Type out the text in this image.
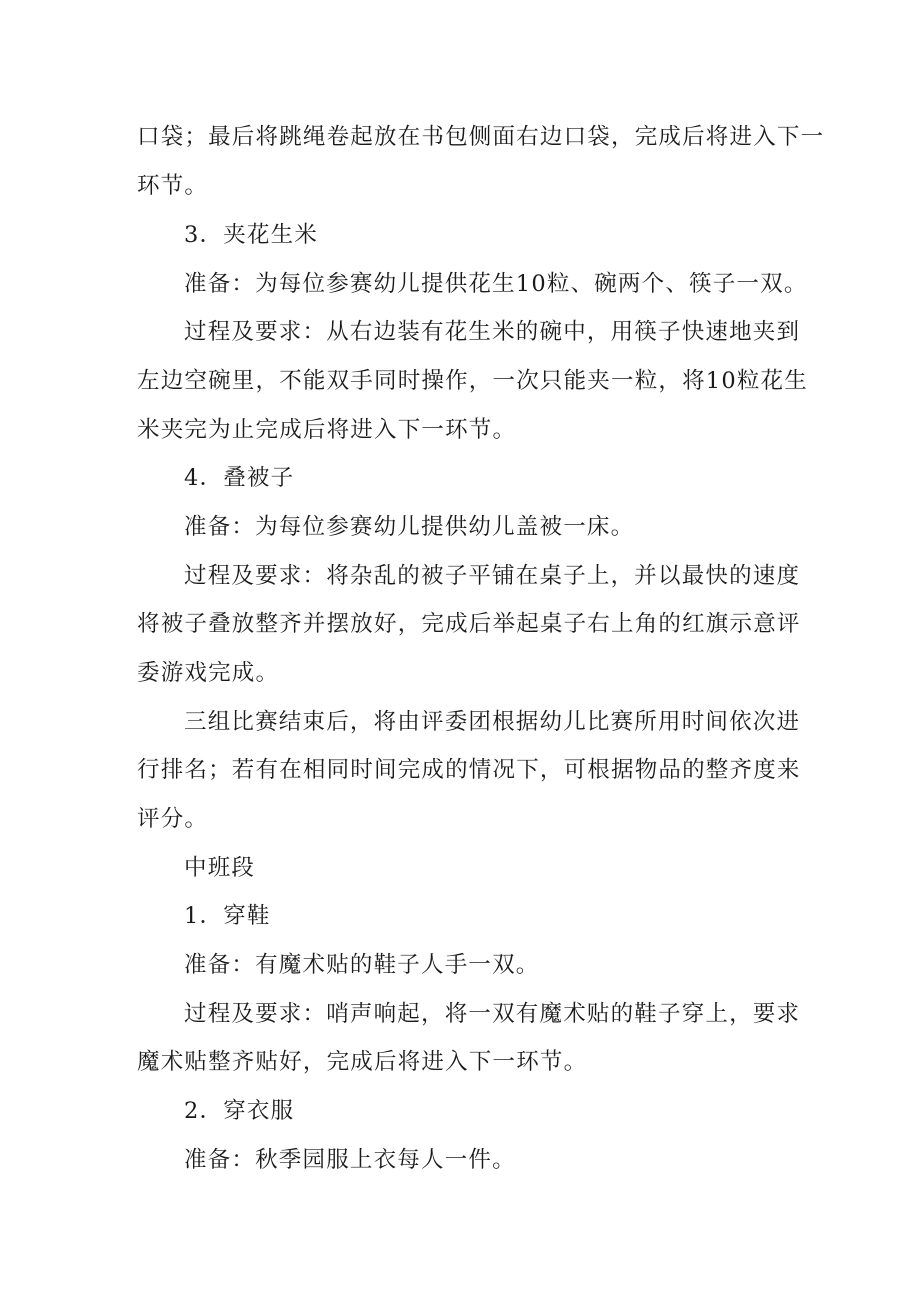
口袋；最后将跳绳卷起放在书包侧面右边口袋，完成后将进入下一
环节。
3．夹花生米
准备：为每位参赛幼儿提供花生10粒、碗两个、筷子一双。
过程及要求：从右边装有花生米的碗中，用筷子快速地夹到
左边空碗里，不能双手同时操作，一次只能夹一粒，将10粒花生
米夹完为止完成后将进入下一环节。
4．叠被子
准备：为每位参赛幼儿提供幼儿盖被一床。
过程及要求：将杂乱的被子平铺在桌子上，并以最快的速度
将被子叠放整齐并摆放好，完成后举起桌子右上角的红旗示意评
委游戏完成。
三组比赛结束后，将由评委团根据幼儿比赛所用时间依次进
行排名；若有在相同时间完成的情况下，可根据物品的整齐度来
评分。
中班段
1．穿鞋
准备：有魔术贴的鞋子人手一双。
过程及要求：哨声响起，将一双有魔术贴的鞋子穿上，要求
魔术贴整齐贴好，完成后将进入下一环节。
2．穿衣服
准备：秋季园服上衣每人一件。
